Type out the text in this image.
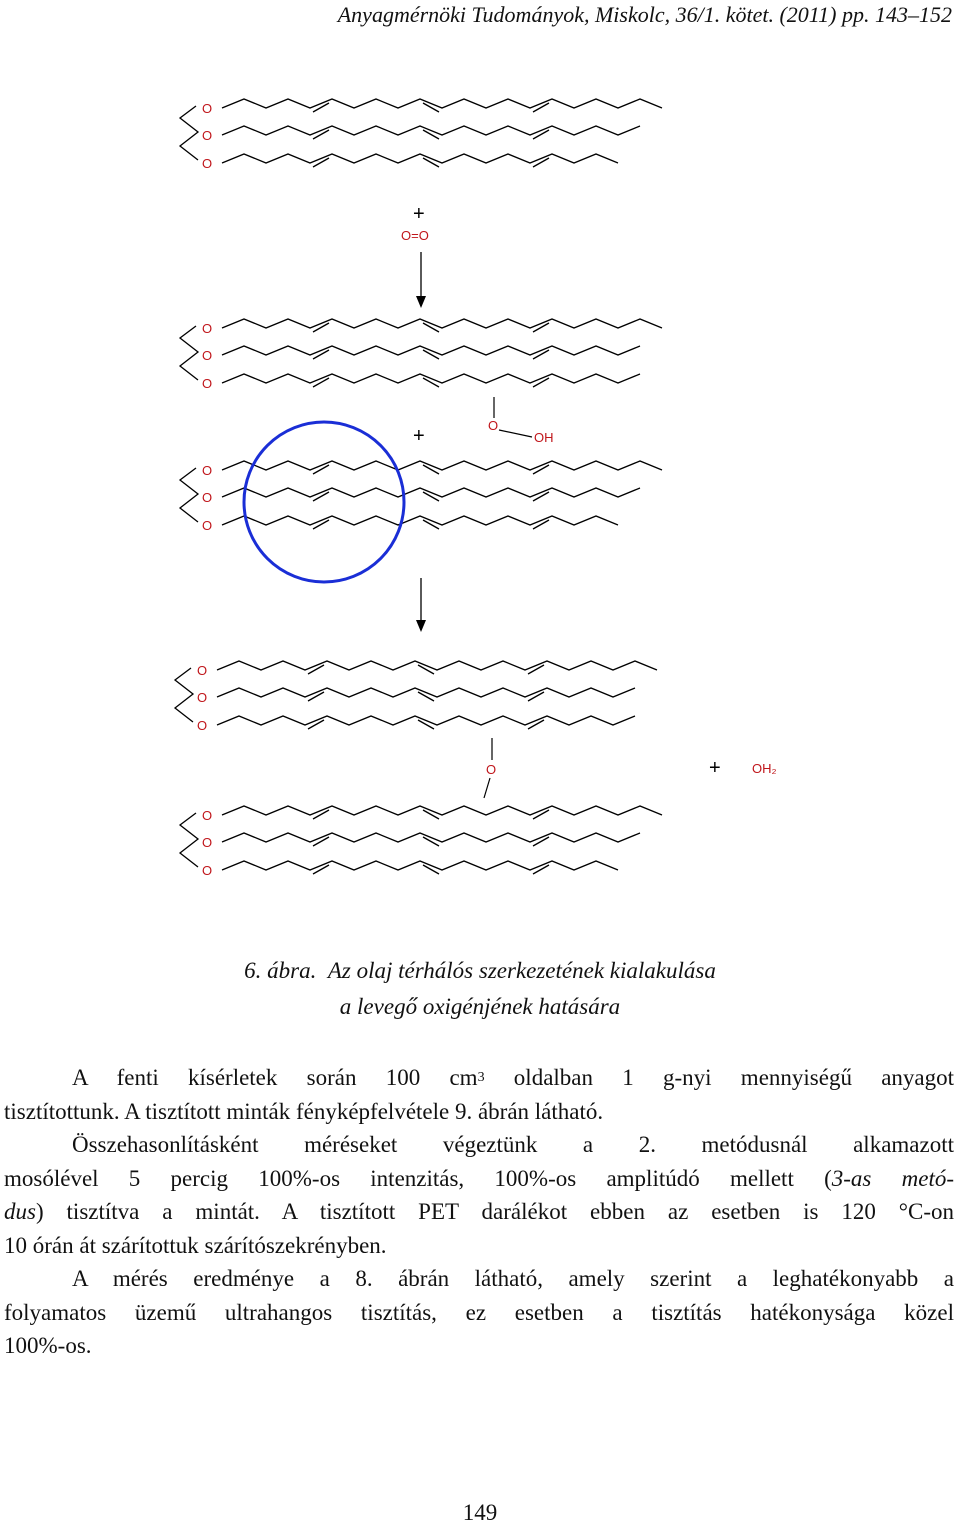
Anyagmérnöki Tudományok, Miskolc, 36/1. kötet. (2011) pp. 143–152
O
O
O
O
O
O
O
O
O
O
O
O
O
O
O
+
O=O
+	O
OH
O	+ OH₂
6. ábra. Az olaj térhálós szerkezetének kialakulása
a levegő oxigénjének hatására
A fenti kísérletek során 100 $cm^3$ oldalban 1 g-nyi mennyiségű anyagot
tisztítottunk. A tisztított minták fényképfelvétele 9. ábrán látható.
Összehasonlításként méréseket végeztünk a 2. metódusnál alkamazott
mosólével 5 percig 100%-os intenzitás, 100%-os amplitúdó mellett (3-as metó-
dus) tisztítva a mintát. A tisztított PET darálékot ebben az esetben is 120 °C-on
10 órán át szárítottuk szárítószekrényben.
A mérés eredménye a 8. ábrán látható, amely szerint a leghatékonyabb a
folyamatos üzemű ultrahangos tisztítás, ez esetben a tisztítás hatékonysága közel
100%-os.
149
